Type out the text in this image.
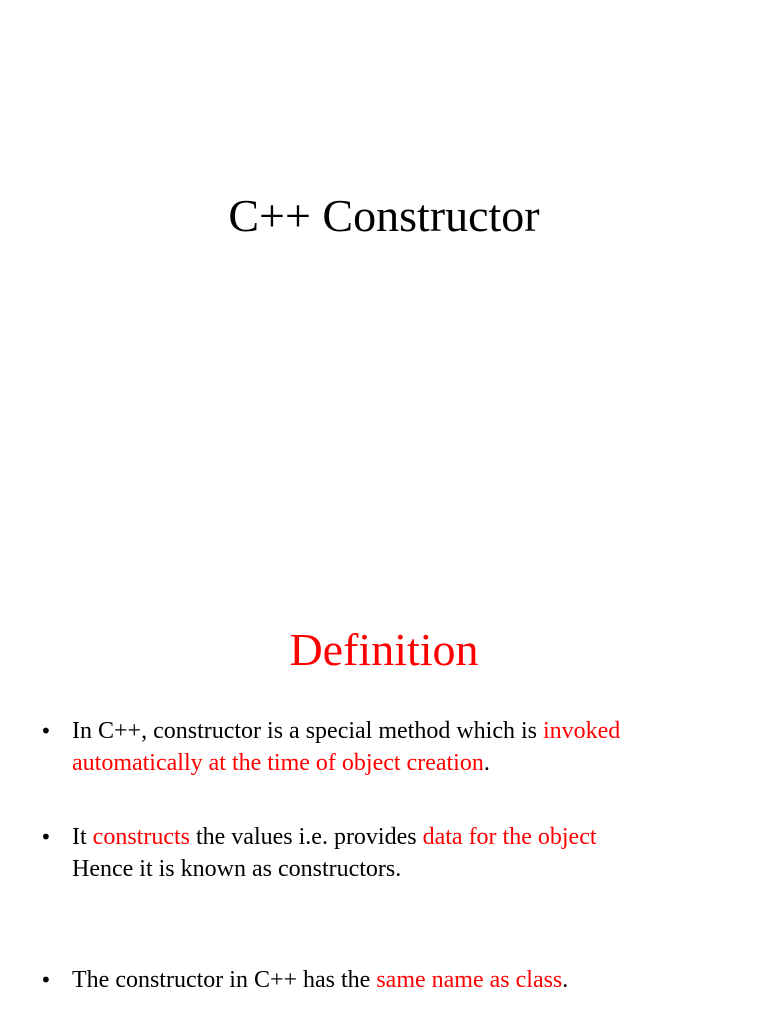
C++ Constructor
Definition
• In C++, constructor is a special method which is invoked automatically at the time of object creation.
• It constructs the values i.e. provides data for the object
Hence it is known as constructors.
• The constructor in C++ has the same name as class.
